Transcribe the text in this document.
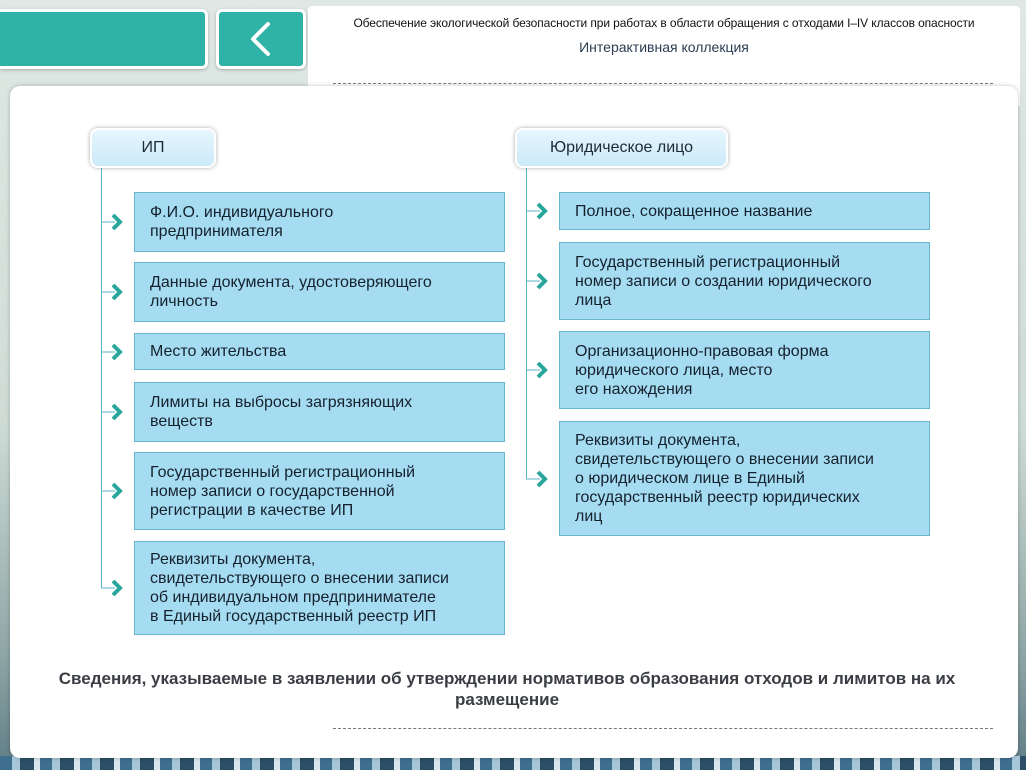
Обеспечение экологической безопасности при работах в области обращения с отходами I–IV классов опасности
Интерактивная коллекция
ИП
Ф.И.О. индивидуального
предпринимателя
Данные документа, удостоверяющего
личность
Место жительства
Лимиты на выбросы загрязняющих
веществ
Государственный регистрационный
номер записи о государственной
регистрации в качестве ИП
Реквизиты документа,
свидетельствующего о внесении записи
об индивидуальном предпринимателе
в Единый государственный реестр ИП
Юридическое лицо
Полное, сокращенное название
Государственный регистрационный
номер записи о создании юридического
лица
Организационно-правовая форма
юридического лица, место
его нахождения
Реквизиты документа,
свидетельствующего о внесении записи
о юридическом лице в Единый
государственный реестр юридических
лиц
Сведения, указываемые в заявлении об утверждении нормативов образования отходов и лимитов на их размещение
